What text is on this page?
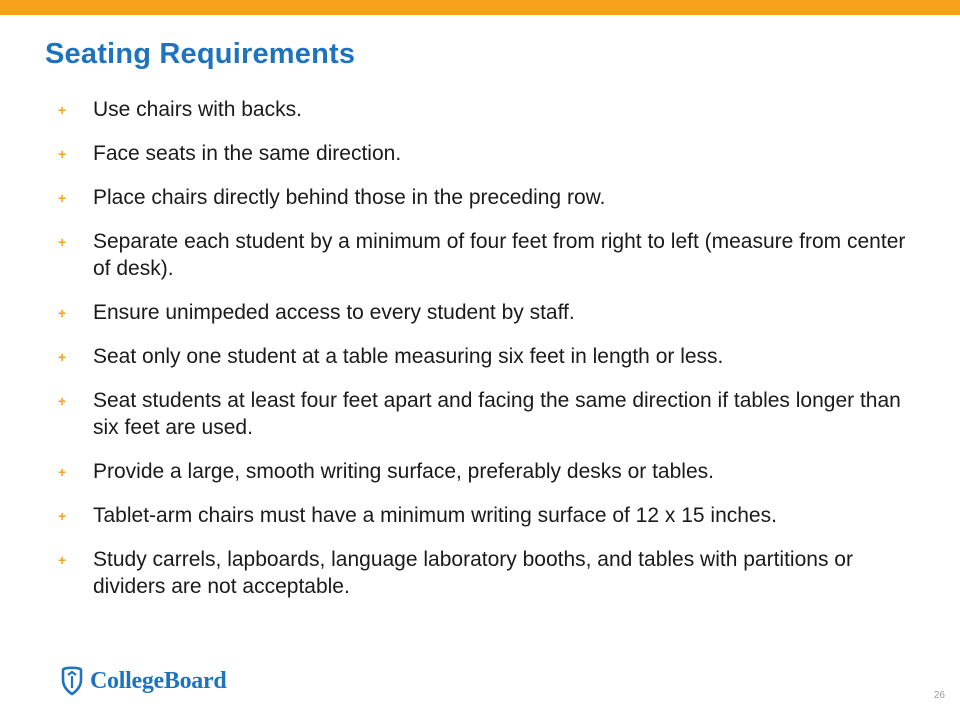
Seating Requirements
+ Use chairs with backs.
+ Face seats in the same direction.
+ Place chairs directly behind those in the preceding row.
+ Separate each student by a minimum of four feet from right to left (measure from center of desk).
+ Ensure unimpeded access to every student by staff.
+ Seat only one student at a table measuring six feet in length or less.
+ Seat students at least four feet apart and facing the same direction if tables longer than six feet are used.
+ Provide a large, smooth writing surface, preferably desks or tables.
+ Tablet-arm chairs must have a minimum writing surface of 12 x 15 inches.
+ Study carrels, lapboards, language laboratory booths, and tables with partitions or dividers are not acceptable.
CollegeBoard
26
